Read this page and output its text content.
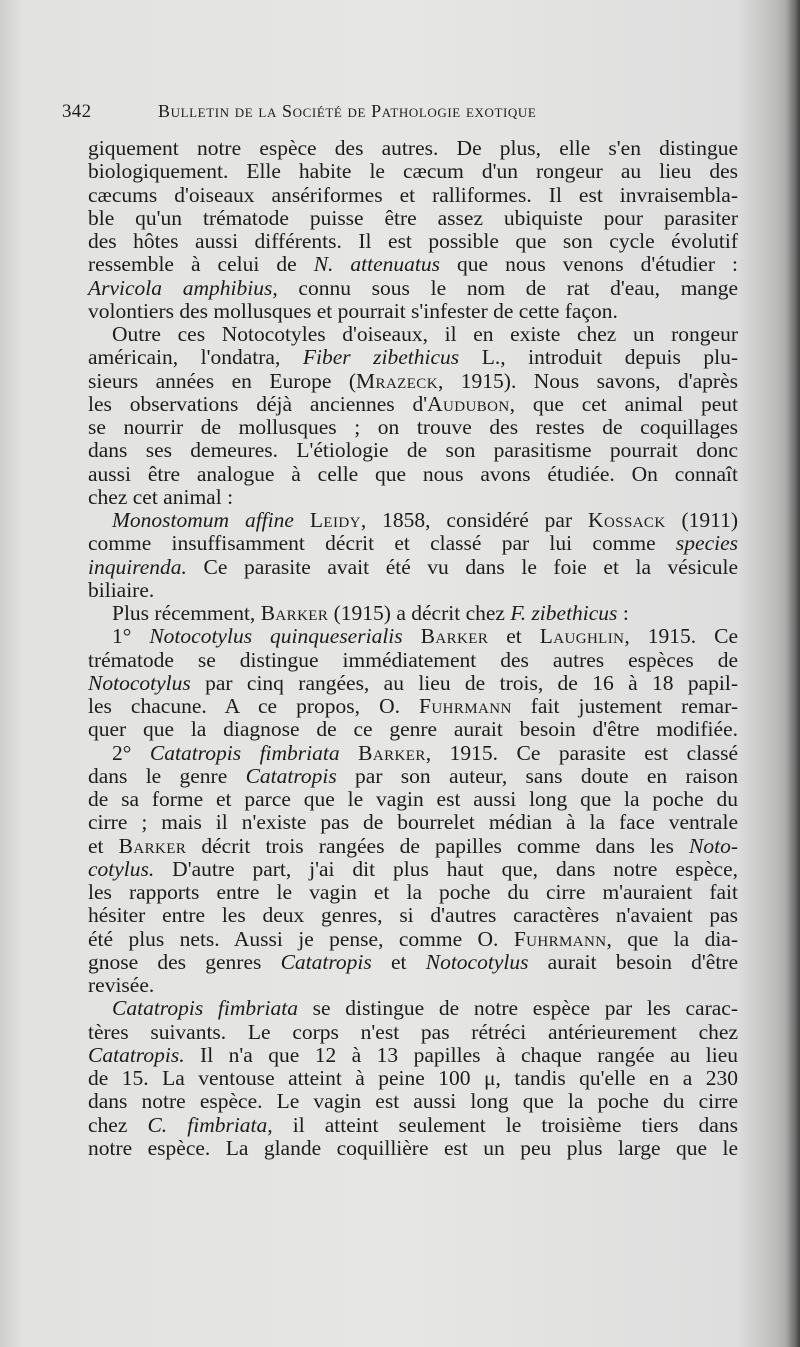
342	Bulletin de la Société de Pathologie exotique
giquement notre espèce des autres. De plus, elle s'en distingue
biologiquement. Elle habite le cæcum d'un rongeur au lieu des
cæcums d'oiseaux ansériformes et ralliformes. Il est invraisembla-
ble qu'un trématode puisse être assez ubiquiste pour parasiter
des hôtes aussi différents. Il est possible que son cycle évolutif
ressemble à celui de N. attenuatus que nous venons d'étudier :
Arvicola amphibius, connu sous le nom de rat d'eau, mange
volontiers des mollusques et pourrait s'infester de cette façon.
Outre ces Notocotyles d'oiseaux, il en existe chez un rongeur
américain, l'ondatra, Fiber zibethicus L., introduit depuis plu-
sieurs années en Europe (Mrazeck, 1915). Nous savons, d'après
les observations déjà anciennes d'Audubon, que cet animal peut
se nourrir de mollusques ; on trouve des restes de coquillages
dans ses demeures. L'étiologie de son parasitisme pourrait donc
aussi être analogue à celle que nous avons étudiée. On connaît
chez cet animal :
Monostomum affine Leidy, 1858, considéré par Kossack (1911)
comme insuffisamment décrit et classé par lui comme species
inquirenda. Ce parasite avait été vu dans le foie et la vésicule
biliaire.
Plus récemment, Barker (1915) a décrit chez F. zibethicus :
1° Notocotylus quinqueserialis Barker et Laughlin, 1915. Ce
trématode se distingue immédiatement des autres espèces de
Notocotylus par cinq rangées, au lieu de trois, de 16 à 18 papil-
les chacune. A ce propos, O. Fuhrmann fait justement remar-
quer que la diagnose de ce genre aurait besoin d'être modifiée.
2° Catatropis fimbriata Barker, 1915. Ce parasite est classé
dans le genre Catatropis par son auteur, sans doute en raison
de sa forme et parce que le vagin est aussi long que la poche du
cirre ; mais il n'existe pas de bourrelet médian à la face ventrale
et Barker décrit trois rangées de papilles comme dans les Noto-
cotylus. D'autre part, j'ai dit plus haut que, dans notre espèce,
les rapports entre le vagin et la poche du cirre m'auraient fait
hésiter entre les deux genres, si d'autres caractères n'avaient pas
été plus nets. Aussi je pense, comme O. Fuhrmann, que la dia-
gnose des genres Catatropis et Notocotylus aurait besoin d'être
revisée.
Catatropis fimbriata se distingue de notre espèce par les carac-
tères suivants. Le corps n'est pas rétréci antérieurement chez
Catatropis. Il n'a que 12 à 13 papilles à chaque rangée au lieu
de 15. La ventouse atteint à peine 100 μ, tandis qu'elle en a 230
dans notre espèce. Le vagin est aussi long que la poche du cirre
chez C. fimbriata, il atteint seulement le troisième tiers dans
notre espèce. La glande coquillière est un peu plus large que le
